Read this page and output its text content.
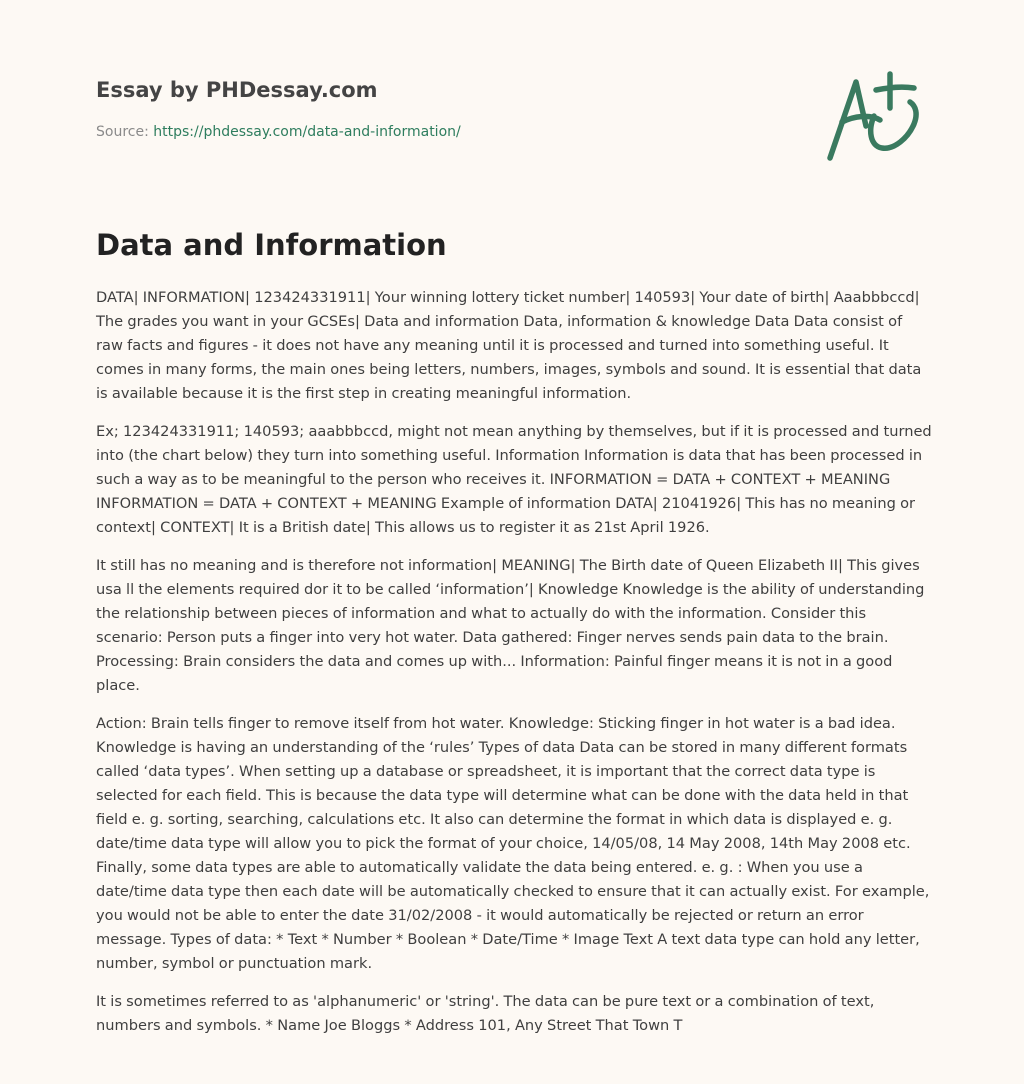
Essay by PHDessay.com
Source: https://phdessay.com/data-and-information/
Data and Information

DATA| INFORMATION| 123424331911| Your winning lottery ticket number| 140593| Your date of birth| Aaabbbccd| The grades you want in your GCSEs| Data and information Data, information & knowledge Data Data consist of raw facts and figures - it does not have any meaning until it is processed and turned into something useful. It comes in many forms, the main ones being letters, numbers, images, symbols and sound. It is essential that data is available because it is the first step in creating meaningful information.

Ex; 123424331911; 140593; aaabbbccd, might not mean anything by themselves, but if it is processed and turned into (the chart below) they turn into something useful. Information Information is data that has been processed in such a way as to be meaningful to the person who receives it. INFORMATION = DATA + CONTEXT + MEANING INFORMATION = DATA + CONTEXT + MEANING Example of information DATA| 21041926| This has no meaning or context| CONTEXT| It is a British date| This allows us to register it as 21st April 1926.

It still has no meaning and is therefore not information| MEANING| The Birth date of Queen Elizabeth II| This gives usa ll the elements required dor it to be called ‘information’| Knowledge Knowledge is the ability of understanding the relationship between pieces of information and what to actually do with the information. Consider this scenario: Person puts a finger into very hot water. Data gathered: Finger nerves sends pain data to the brain. Processing: Brain considers the data and comes up with... Information: Painful finger means it is not in a good place.

Action: Brain tells finger to remove itself from hot water. Knowledge: Sticking finger in hot water is a bad idea. Knowledge is having an understanding of the ‘rules’ Types of data Data can be stored in many different formats called ‘data types’. When setting up a database or spreadsheet, it is important that the correct data type is selected for each field. This is because the data type will determine what can be done with the data held in that field e. g. sorting, searching, calculations etc. It also can determine the format in which data is displayed e. g. date/time data type will allow you to pick the format of your choice, 14/05/08, 14 May 2008, 14th May 2008 etc. Finally, some data types are able to automatically validate the data being entered. e. g. : When you use a date/time data type then each date will be automatically checked to ensure that it can actually exist. For example, you would not be able to enter the date 31/02/2008 - it would automatically be rejected or return an error message. Types of data: * Text * Number * Boolean * Date/Time * Image Text A text data type can hold any letter, number, symbol or punctuation mark.

It is sometimes referred to as 'alphanumeric' or 'string'. The data can be pure text or a combination of text, numbers and symbols. * Name Joe Bloggs * Address 101, Any Street That Town T
